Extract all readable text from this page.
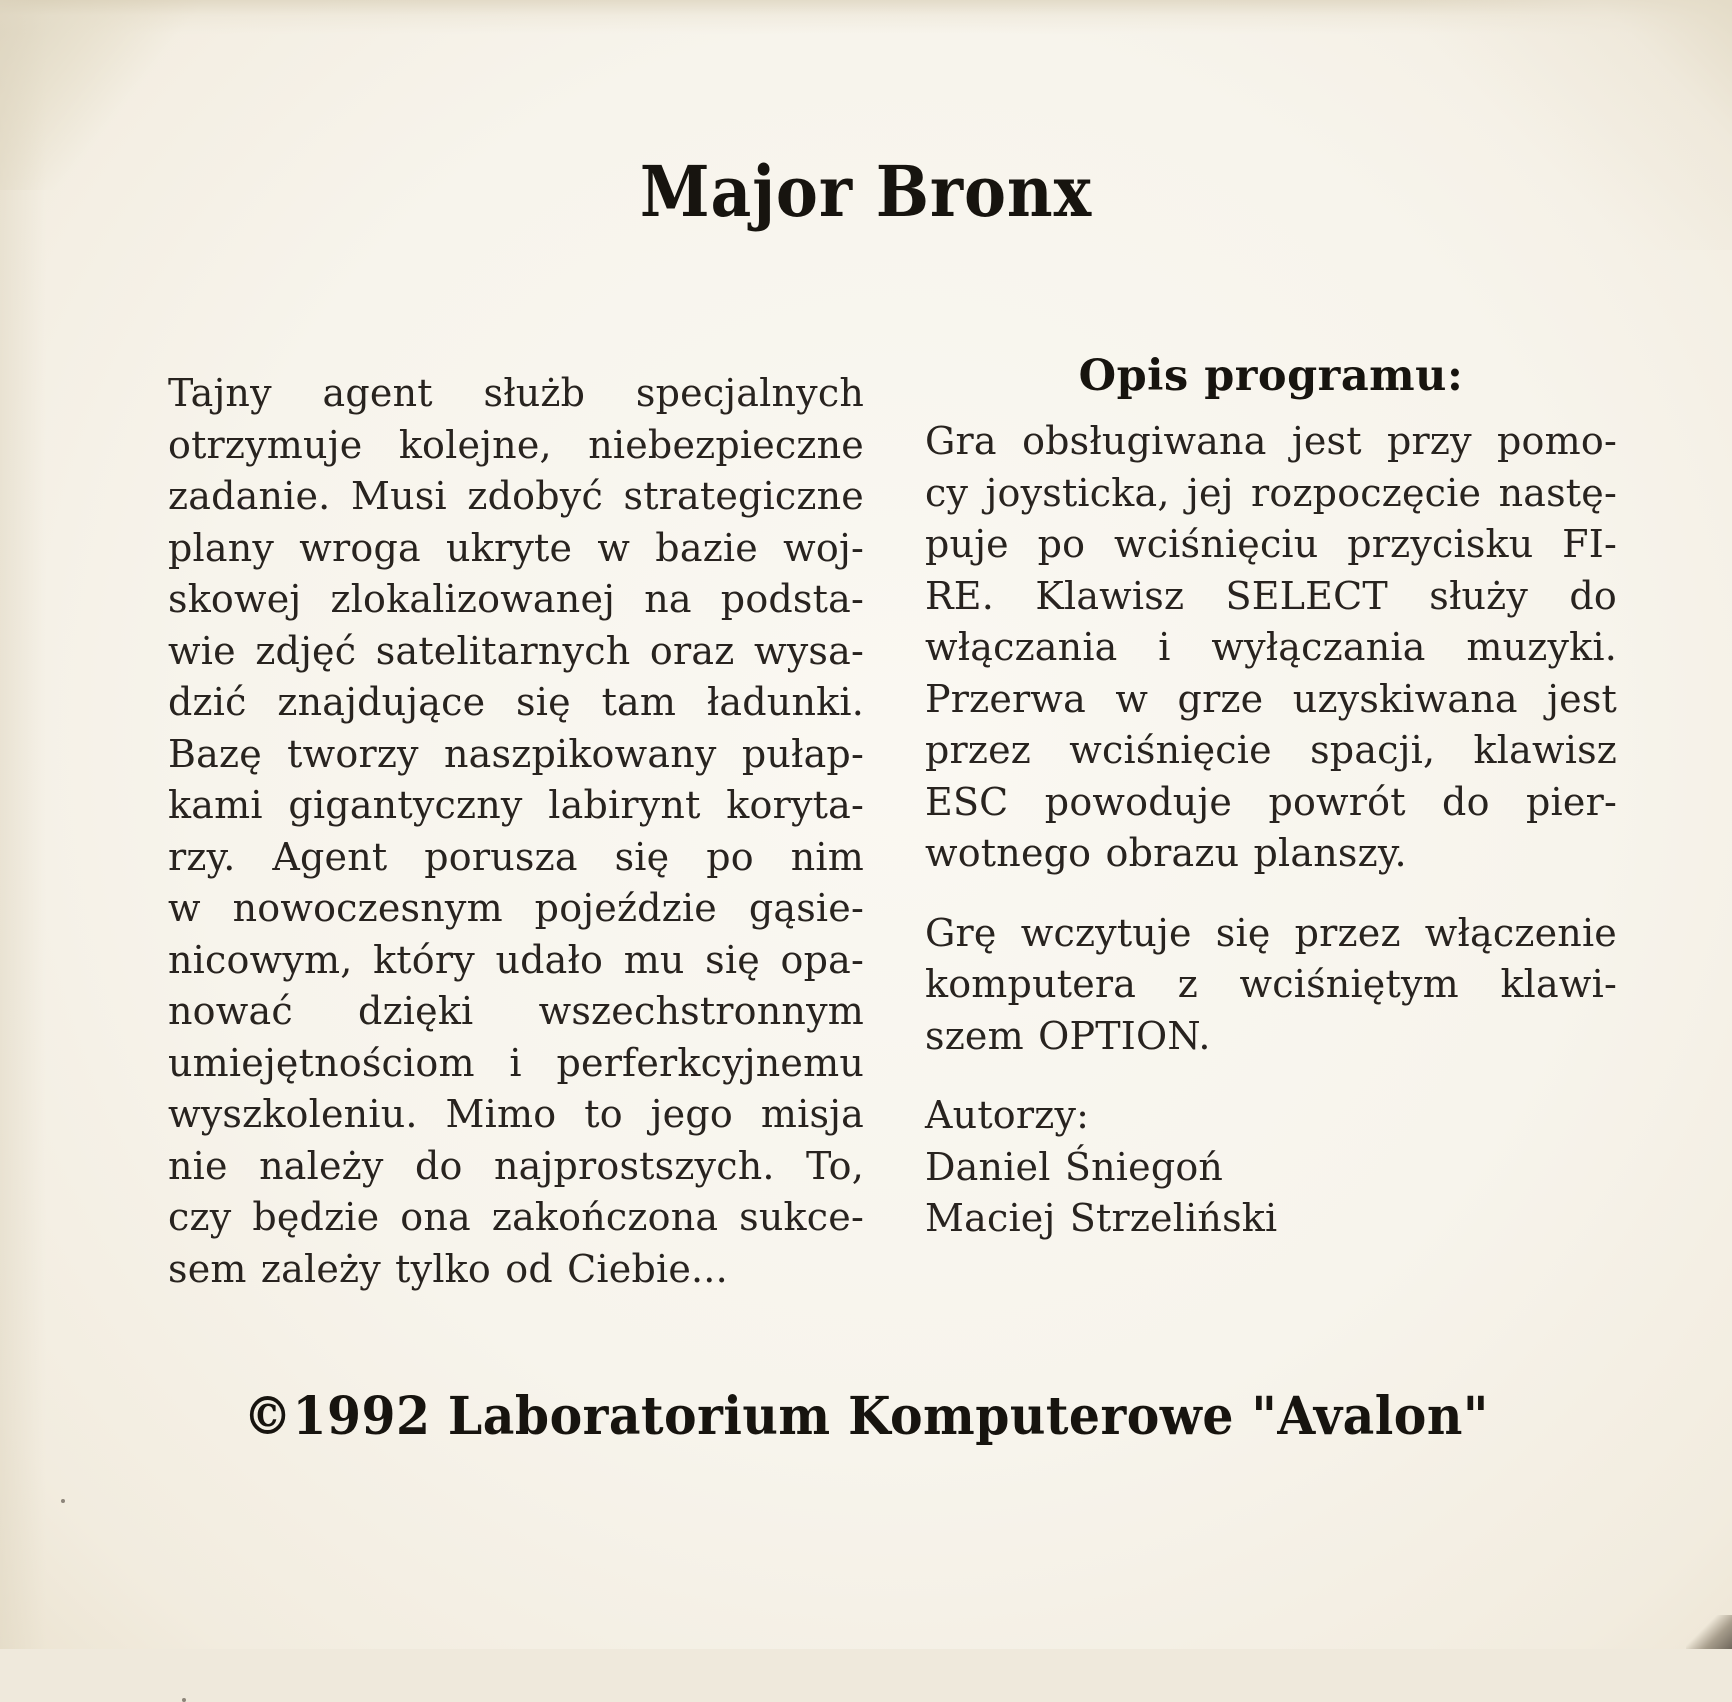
Major Bronx
Tajny agent służb specjalnych
otrzymuje kolejne, niebezpieczne
zadanie. Musi zdobyć strategiczne
plany wroga ukryte w bazie woj-
skowej zlokalizowanej na podsta-
wie zdjęć satelitarnych oraz wysa-
dzić znajdujące się tam ładunki.
Bazę tworzy naszpikowany pułap-
kami gigantyczny labirynt koryta-
rzy. Agent porusza się po nim
w nowoczesnym pojeździe gąsie-
nicowym, który udało mu się opa-
nować dzięki wszechstronnym
umiejętnościom i perferkcyjnemu
wyszkoleniu. Mimo to jego misja
nie należy do najprostszych. To,
czy będzie ona zakończona sukce-
sem zależy tylko od Ciebie...
Opis programu:
Gra obsługiwana jest przy pomo-
cy joysticka, jej rozpoczęcie nastę-
puje po wciśnięciu przycisku FI-
RE. Klawisz SELECT służy do
włączania i wyłączania muzyki.
Przerwa w grze uzyskiwana jest
przez wciśnięcie spacji, klawisz
ESC powoduje powrót do pier-
wotnego obrazu planszy.
Grę wczytuje się przez włączenie
komputera z wciśniętym klawi-
szem OPTION.
Autorzy:
Daniel Śniegoń
Maciej Strzeliński
©1992 Laboratorium Komputerowe "Avalon"
